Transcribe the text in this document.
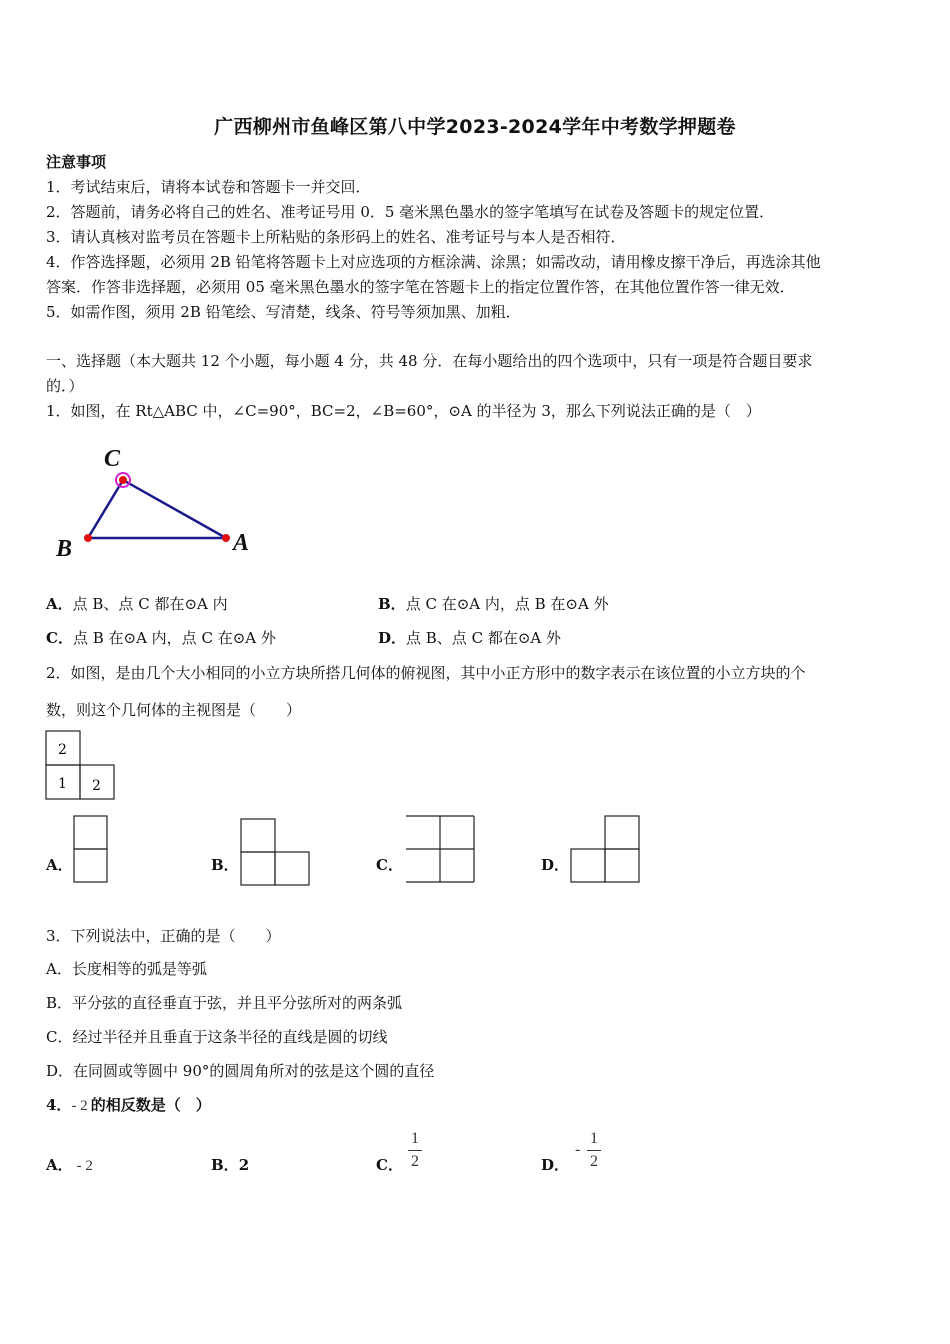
广西柳州市鱼峰区第八中学2023-2024学年中考数学押题卷
注意事项
1．考试结束后，请将本试卷和答题卡一并交回．
2．答题前，请务必将自己的姓名、准考证号用 0．5 毫米黑色墨水的签字笔填写在试卷及答题卡的规定位置．
3．请认真核对监考员在答题卡上所粘贴的条形码上的姓名、准考证号与本人是否相符．
4．作答选择题，必须用 2B 铅笔将答题卡上对应选项的方框涂满、涂黑；如需改动，请用橡皮擦干净后，再选涂其他
答案．作答非选择题，必须用 05 毫米黑色墨水的签字笔在答题卡上的指定位置作答，在其他位置作答一律无效．
5．如需作图，须用 2B 铅笔绘、写清楚，线条、符号等须加黑、加粗．
一、选择题（本大题共 12 个小题，每小题 4 分，共 48 分．在每小题给出的四个选项中，只有一项是符合题目要求
的．）
1．如图，在 Rt△ABC 中，∠C=90°，BC=2，∠B=60°，⊙A 的半径为 3，那么下列说法正确的是（　）
C
B	A
A．点 B、点 C 都在⊙A 内	B．点 C 在⊙A 内，点 B 在⊙A 外
C．点 B 在⊙A 内，点 C 在⊙A 外	D．点 B、点 C 都在⊙A 外
2．如图，是由几个大小相同的小立方块所搭几何体的俯视图，其中小正方形中的数字表示在该位置的小立方块的个
数，则这个几何体的主视图是（　　）
2
1 2
A．	B．	C．	D．
3．下列说法中，正确的是（　　）
A．长度相等的弧是等弧
B．平分弦的直径垂直于弦，并且平分弦所对的两条弧
C．经过半径并且垂直于这条半径的直线是圆的切线
D．在同圆或等圆中 90°的圆周角所对的弦是这个圆的直径
4．- 2 的相反数是（　）
A． - 2	B．2	C．
1
2	D．
-
1
2
